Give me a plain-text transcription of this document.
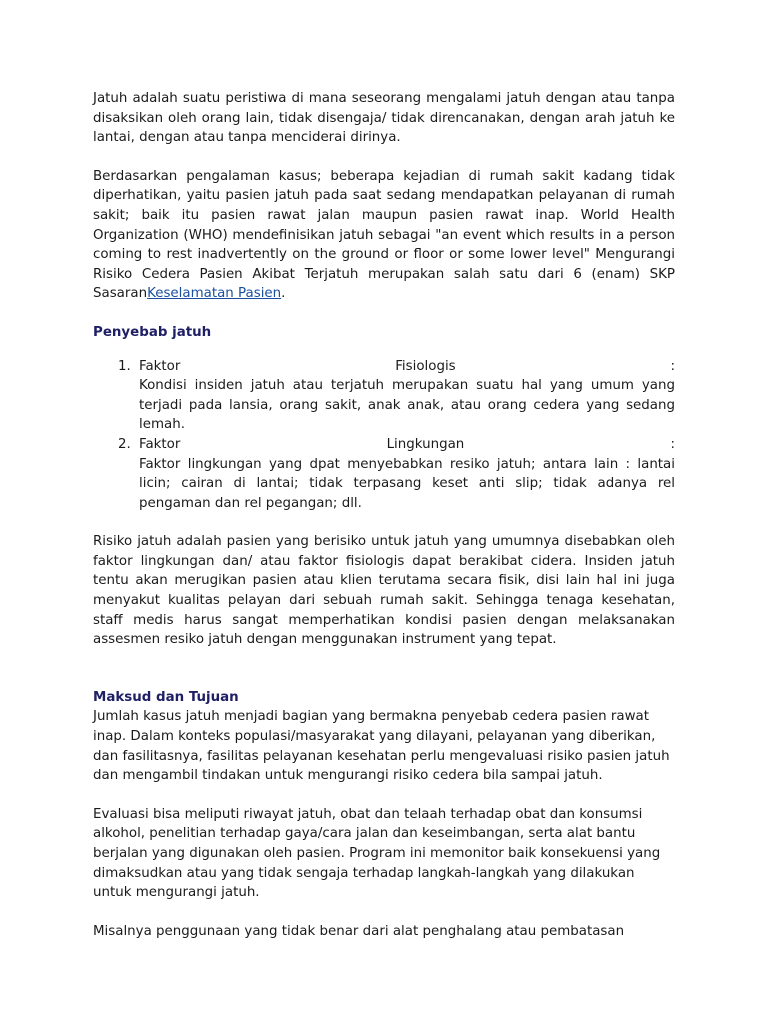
Jatuh adalah suatu peristiwa di mana seseorang mengalami jatuh dengan atau tanpa disaksikan oleh orang lain, tidak disengaja/ tidak direncanakan, dengan arah jatuh ke lantai, dengan atau tanpa menciderai dirinya.

Berdasarkan pengalaman kasus; beberapa kejadian di rumah sakit kadang tidak diperhatikan, yaitu pasien jatuh pada saat sedang mendapatkan pelayanan di rumah sakit; baik itu pasien rawat jalan maupun pasien rawat inap. World Health Organization (WHO) mendefinisikan jatuh sebagai "an event which results in a person coming to rest inadvertently on the ground or floor or some lower level" Mengurangi Risiko Cedera Pasien Akibat Terjatuh merupakan salah satu dari 6 (enam) SKP SasaranKeselamatan Pasien.

Penyebab jatuh
1. Faktor	Fisiologis	:

Kondisi insiden jatuh atau terjatuh merupakan suatu hal yang umum yang terjadi pada lansia, orang sakit, anak anak, atau orang cedera yang sedang lemah.

2. Faktor	Lingkungan	:

Faktor lingkungan yang dpat menyebabkan resiko jatuh; antara lain : lantai licin; cairan di lantai; tidak terpasang keset anti slip; tidak adanya rel pengaman dan rel pegangan; dll.

Risiko jatuh adalah pasien yang berisiko untuk jatuh yang umumnya disebabkan oleh faktor lingkungan dan/ atau faktor fisiologis dapat berakibat cidera. Insiden jatuh tentu akan merugikan pasien atau klien terutama secara fisik, disi lain hal ini juga menyakut kualitas pelayan dari sebuah rumah sakit. Sehingga tenaga kesehatan, staff medis harus sangat memperhatikan kondisi pasien dengan melaksanakan assesmen resiko jatuh dengan menggunakan instrument yang tepat.

Maksud dan Tujuan

Jumlah kasus jatuh menjadi bagian yang bermakna penyebab cedera pasien rawat inap. Dalam konteks populasi/masyarakat yang dilayani, pelayanan yang diberikan, dan fasilitasnya, fasilitas pelayanan kesehatan perlu mengevaluasi risiko pasien jatuh dan mengambil tindakan untuk mengurangi risiko cedera bila sampai jatuh.

Evaluasi bisa meliputi riwayat jatuh, obat dan telaah terhadap obat dan konsumsi alkohol, penelitian terhadap gaya/cara jalan dan keseimbangan, serta alat bantu berjalan yang digunakan oleh pasien. Program ini memonitor baik konsekuensi yang dimaksudkan atau yang tidak sengaja terhadap langkah-langkah yang dilakukan untuk mengurangi jatuh.

Misalnya penggunaan yang tidak benar dari alat penghalang atau pembatasan
